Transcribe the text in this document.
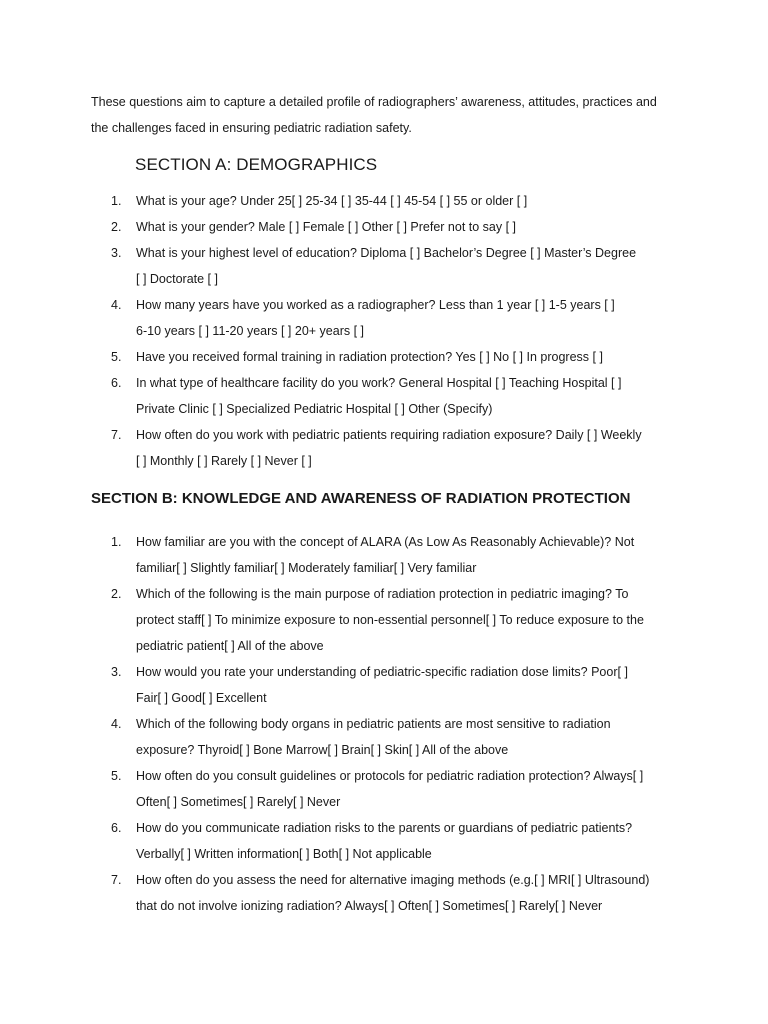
These questions aim to capture a detailed profile of radiographers’ awareness, attitudes, practices and
the challenges faced in ensuring pediatric radiation safety.

SECTION A: DEMOGRAPHICS
1. What is your age? Under 25[ ] 25-34 [ ] 35-44 [ ] 45-54 [ ] 55 or older [ ]
2. What is your gender? Male [ ] Female [ ] Other [ ] Prefer not to say [ ]
3. What is your highest level of education? Diploma [ ] Bachelor’s Degree [ ] Master’s Degree
[ ] Doctorate [ ]
4. How many years have you worked as a radiographer? Less than 1 year [ ] 1-5 years [ ]
6-10 years [ ] 11-20 years [ ] 20+ years [ ]
5. Have you received formal training in radiation protection? Yes [ ] No [ ] In progress [ ]
6. In what type of healthcare facility do you work? General Hospital [ ] Teaching Hospital [ ]
Private Clinic [ ] Specialized Pediatric Hospital [ ] Other (Specify)
7. How often do you work with pediatric patients requiring radiation exposure? Daily [ ] Weekly
[ ] Monthly [ ] Rarely [ ] Never [ ]
SECTION B: KNOWLEDGE AND AWARENESS OF RADIATION PROTECTION
1. How familiar are you with the concept of ALARA (As Low As Reasonably Achievable)? Not
familiar[ ] Slightly familiar[ ] Moderately familiar[ ] Very familiar
2. Which of the following is the main purpose of radiation protection in pediatric imaging? To
protect staff[ ] To minimize exposure to non-essential personnel[ ] To reduce exposure to the
pediatric patient[ ] All of the above
3. How would you rate your understanding of pediatric-specific radiation dose limits? Poor[ ]
Fair[ ] Good[ ] Excellent
4. Which of the following body organs in pediatric patients are most sensitive to radiation
exposure? Thyroid[ ] Bone Marrow[ ] Brain[ ] Skin[ ] All of the above
5. How often do you consult guidelines or protocols for pediatric radiation protection? Always[ ]
Often[ ] Sometimes[ ] Rarely[ ] Never
6. How do you communicate radiation risks to the parents or guardians of pediatric patients?
Verbally[ ] Written information[ ] Both[ ] Not applicable
7. How often do you assess the need for alternative imaging methods (e.g.[ ] MRI[ ] Ultrasound)
that do not involve ionizing radiation? Always[ ] Often[ ] Sometimes[ ] Rarely[ ] Never
